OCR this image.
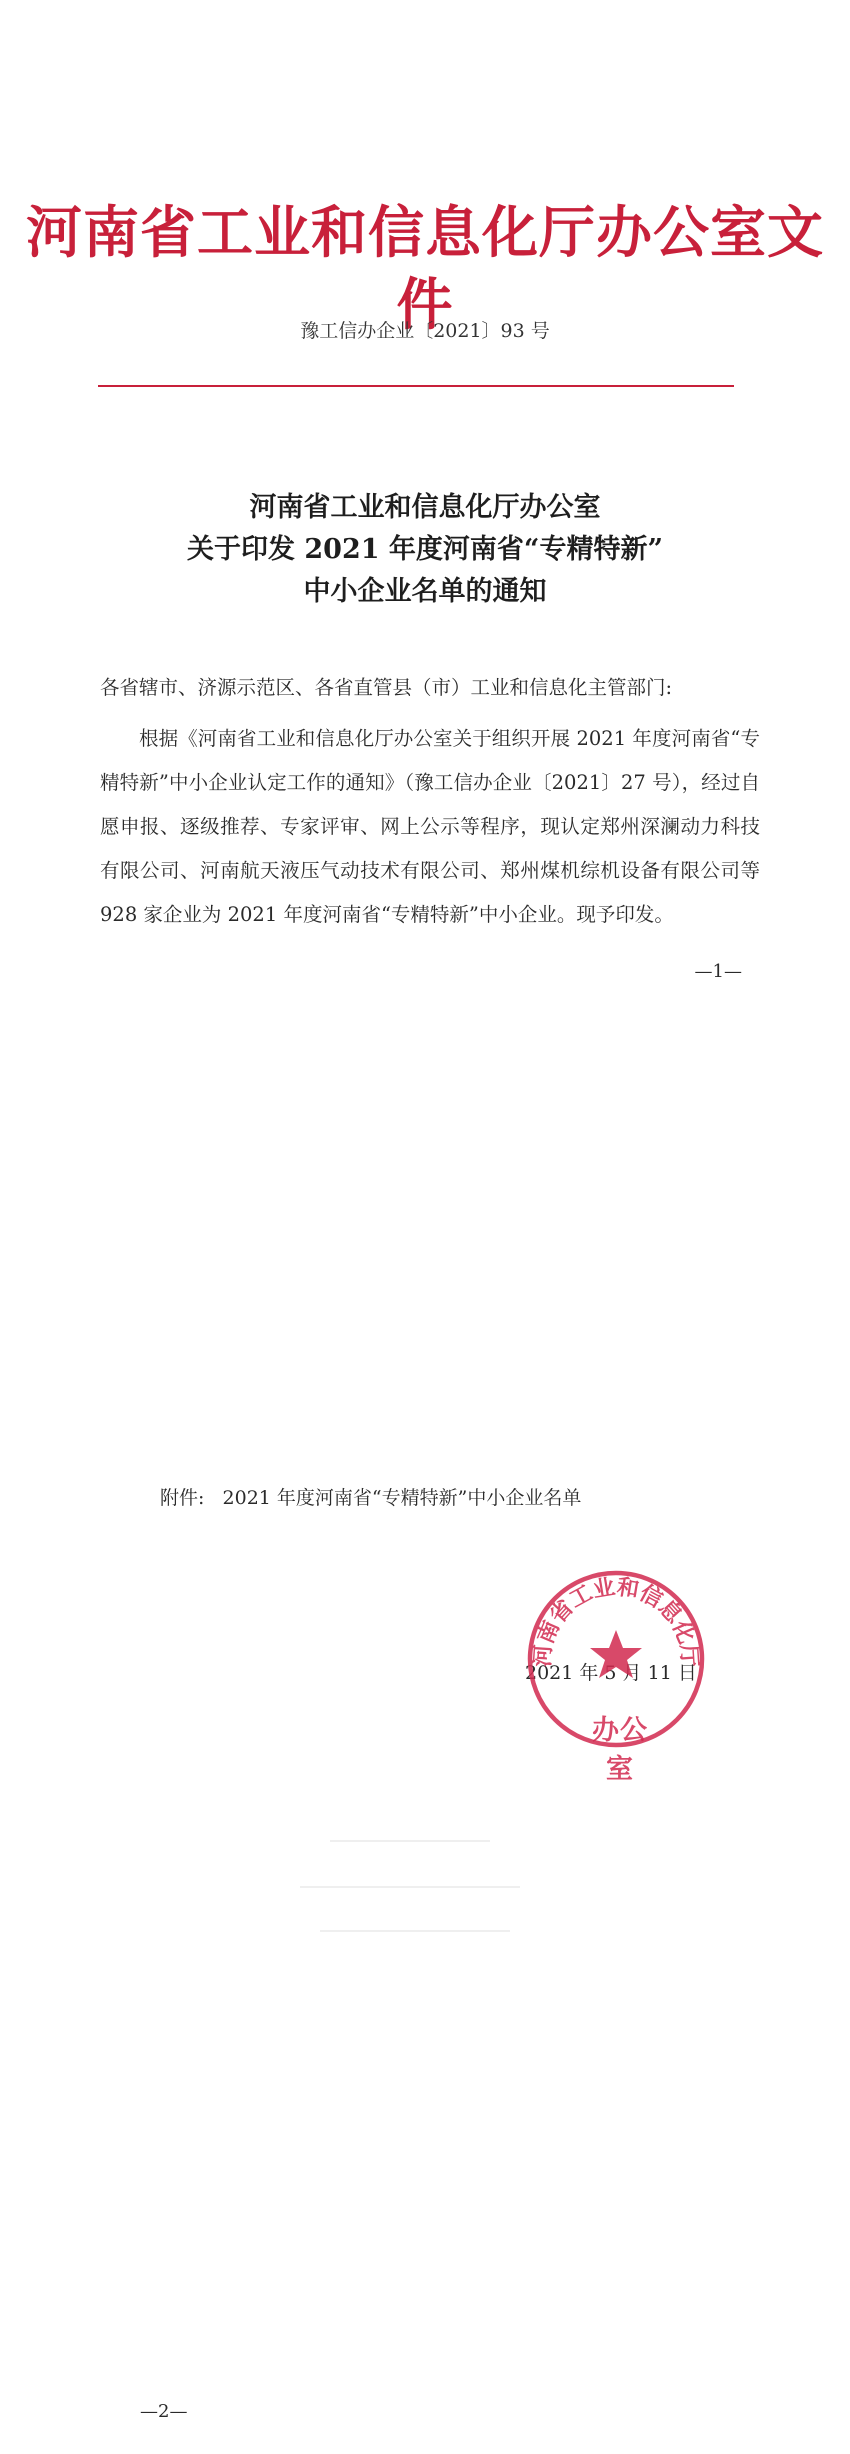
河南省工业和信息化厅办公室文件
豫工信办企业〔2021〕93 号
河南省工业和信息化厅办公室
关于印发 2021 年度河南省“专精特新”
中小企业名单的通知
各省辖市、济源示范区、各省直管县（市）工业和信息化主管部门:

根据《河南省工业和信息化厅办公室关于组织开展 2021 年度河南省“专精特新”中小企业认定工作的通知》（豫工信办企业〔2021〕27 号），经过自愿申报、逐级推荐、专家评审、网上公示等程序，现认定郑州深澜动力科技有限公司、河南航天液压气动技术有限公司、郑州煤机综机设备有限公司等 928 家企业为 2021 年度河南省“专精特新”中小企业。现予印发。

—1—
附件:   2021 年度河南省“专精特新”中小企业名单
2021 年 5 月 11 日
河南省工业和信息化厅
办公室
—2—
